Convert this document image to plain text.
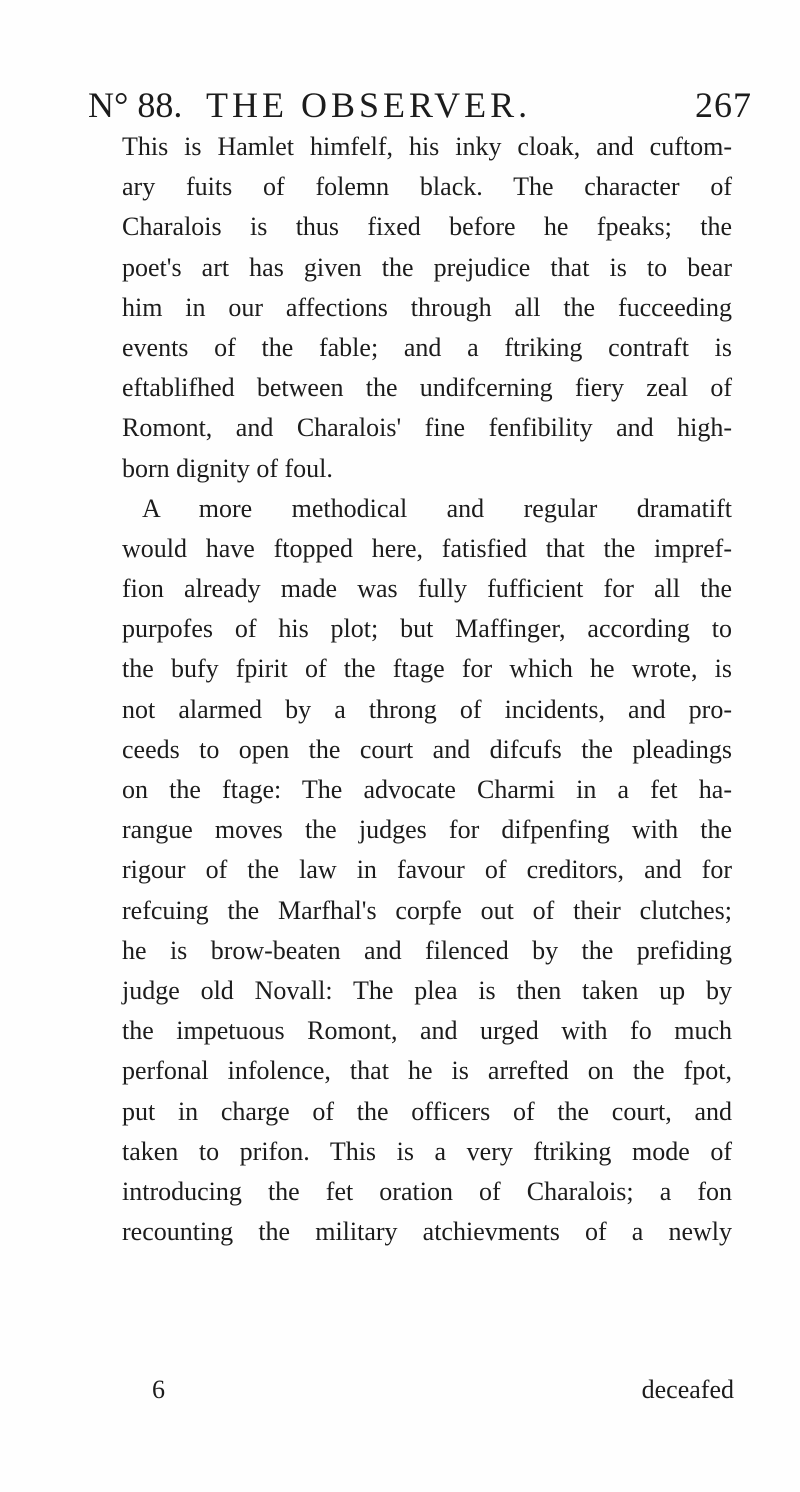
N° 88. THE OBSERVER.	267
This is Hamlet himfelf, his inky cloak, and cuftom-
ary fuits of folemn black. The character of
Charalois is thus fixed before he fpeaks; the
poet's art has given the prejudice that is to bear
him in our affections through all the fucceeding
events of the fable; and a ftriking contraft is
eftablifhed between the undifcerning fiery zeal of
Romont, and Charalois' fine fenfibility and high-
born dignity of foul.
A more methodical and regular dramatift
would have ftopped here, fatisfied that the impref-
fion already made was fully fufficient for all the
purpofes of his plot; but Maffinger, according to
the bufy fpirit of the ftage for which he wrote, is
not alarmed by a throng of incidents, and pro-
ceeds to open the court and difcufs the pleadings
on the ftage: The advocate Charmi in a fet ha-
rangue moves the judges for difpenfing with the
rigour of the law in favour of creditors, and for
refcuing the Marfhal's corpfe out of their clutches;
he is brow-beaten and filenced by the prefiding
judge old Novall: The plea is then taken up by
the impetuous Romont, and urged with fo much
perfonal infolence, that he is arrefted on the fpot,
put in charge of the officers of the court, and
taken to prifon. This is a very ftriking mode of
introducing the fet oration of Charalois; a fon
recounting the military atchievments of a newly
6	deceafed
